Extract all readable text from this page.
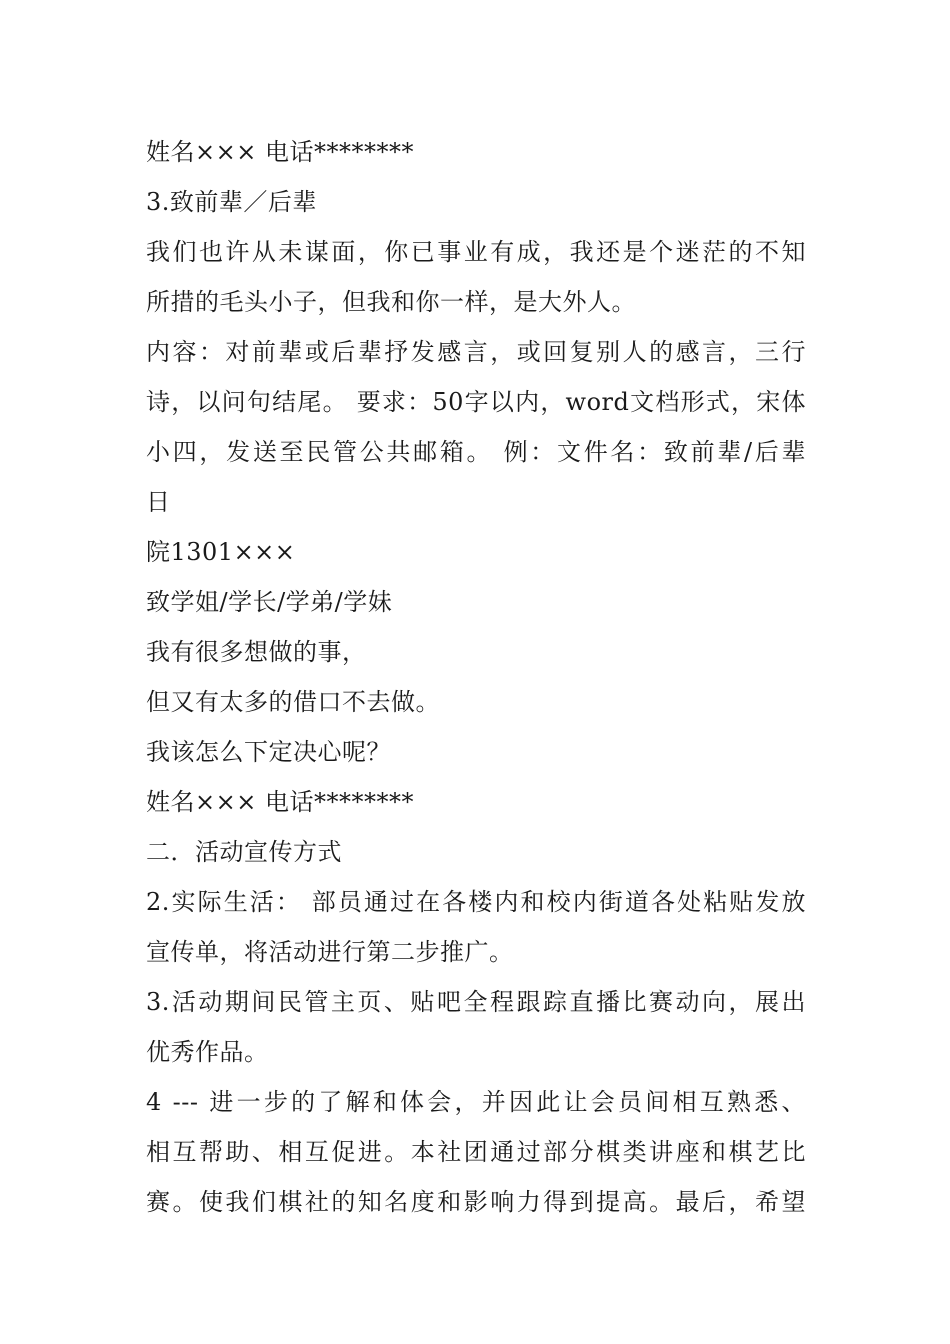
姓名××× 电话********
3.致前辈／后辈
我们也许从未谋面，你已事业有成，我还是个迷茫的不知
所措的毛头小子，但我和你一样，是大外人。
内容：对前辈或后辈抒发感言，或回复别人的感言，三行
诗，以问句结尾。 要求：50字以内，word文档形式，宋体
小四，发送至民管公共邮箱。 例：文件名：致前辈/后辈
日
院1301×××
致学姐/学长/学弟/学妹
我有很多想做的事，
但又有太多的借口不去做。
我该怎么下定决心呢？
姓名××× 电话********
二．活动宣传方式
2.实际生活： 部员通过在各楼内和校内街道各处粘贴发放
宣传单，将活动进行第二步推广。
3.活动期间民管主页、贴吧全程跟踪直播比赛动向，展出
优秀作品。
4 --- 进一步的了解和体会，并因此让会员间相互熟悉、
相互帮助、相互促进。本社团通过部分棋类讲座和棋艺比
赛。使我们棋社的知名度和影响力得到提高。最后，希望
